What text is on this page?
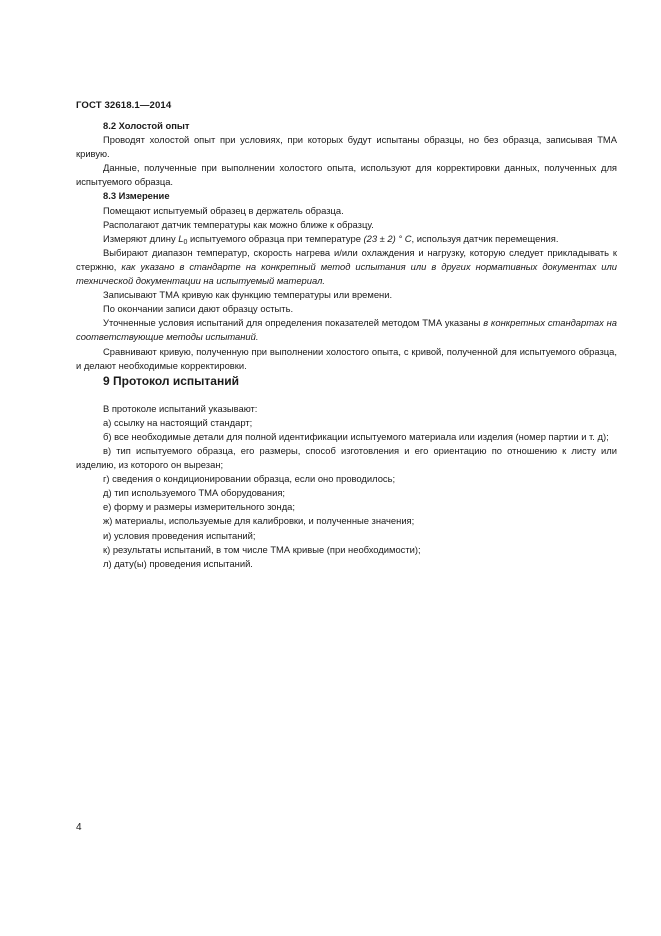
ГОСТ 32618.1—2014

8.2 Холостой опыт

Проводят холостой опыт при условиях, при которых будут испытаны образцы, но без образца, записывая ТМА кривую.

Данные, полученные при выполнении холостого опыта, используют для корректировки данных, полученных для испытуемого образца.

8.3 Измерение

Помещают испытуемый образец в держатель образца.

Располагают датчик температуры как можно ближе к образцу.

Измеряют длину $L_0$ испытуемого образца при температуре (23 ± 2) ° С, используя датчик перемещения.

Выбирают диапазон температур, скорость нагрева и/или охлаждения и нагрузку, которую следует прикладывать к стержню, как указано в стандарте на конкретный метод испытания или в других нормативных документах или технической документации на испытуемый материал.

Записывают ТМА кривую как функцию температуры или времени.

По окончании записи дают образцу остыть.

Уточненные условия испытаний для определения показателей методом ТМА указаны в конкретных стандартах на соответствующие методы испытаний.

Сравнивают кривую, полученную при выполнении холостого опыта, с кривой, полученной для испытуемого образца, и делают необходимые корректировки.

9 Протокол испытаний

В протоколе испытаний указывают:

а) ссылку на настоящий стандарт;

б) все необходимые детали для полной идентификации испытуемого материала или изделия (номер партии и т. д);

в) тип испытуемого образца, его размеры, способ изготовления и его ориентацию по отношению к листу или изделию, из которого он вырезан;

г) сведения о кондиционировании образца, если оно проводилось;

д) тип используемого ТМА оборудования;

е) форму и размеры измерительного зонда;

ж) материалы, используемые для калибровки, и полученные значения;

и) условия проведения испытаний;

к) результаты испытаний, в том числе ТМА кривые (при необходимости);

л) дату(ы) проведения испытаний.

4
